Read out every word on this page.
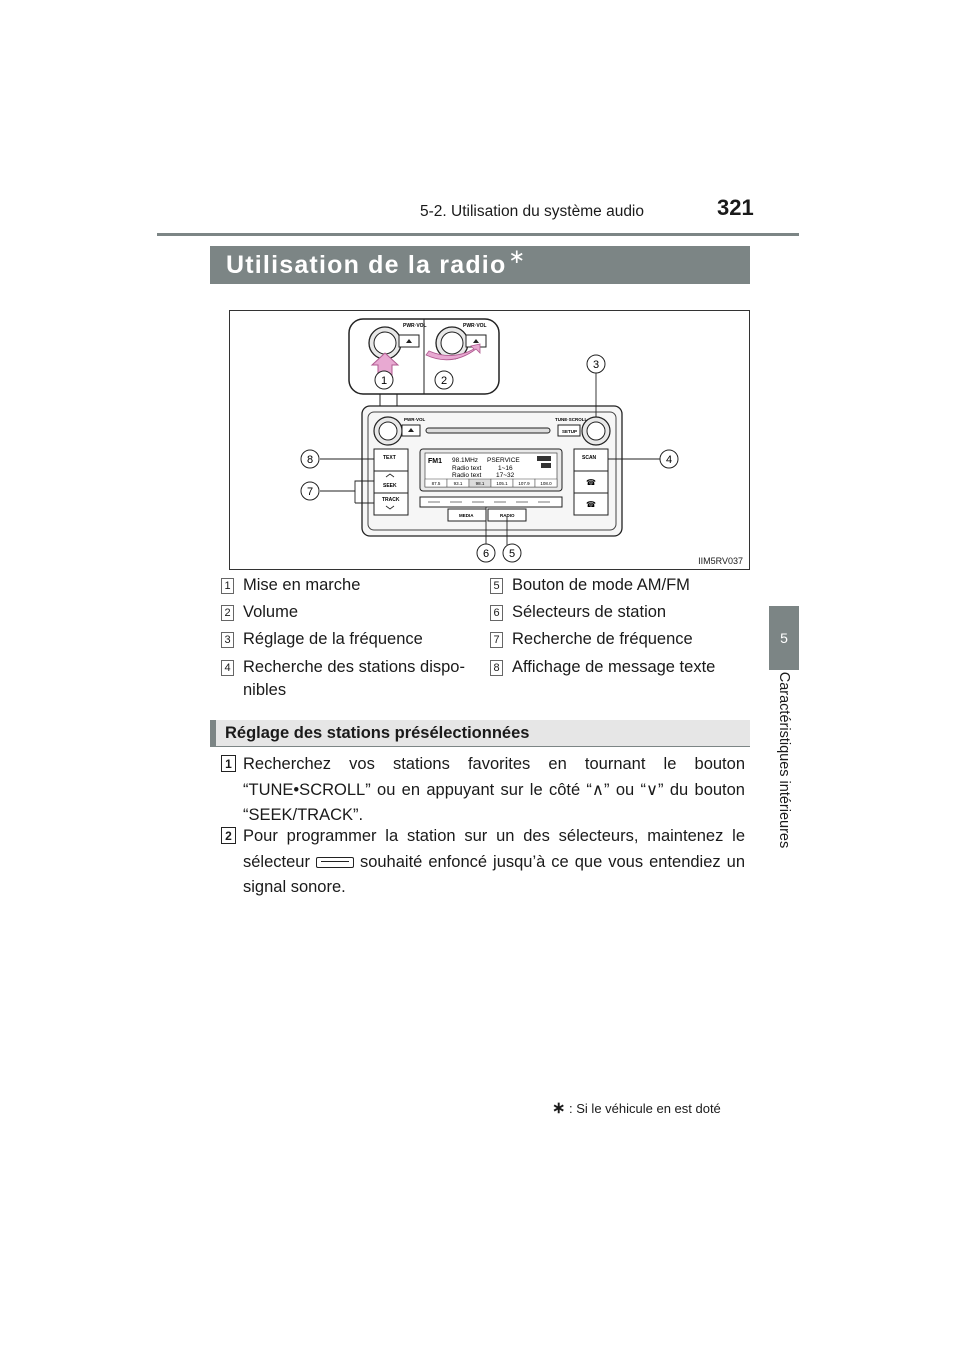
5-2. Utilisation du système audio	321
5
Caractéristiques intérieures
Utilisation de la radio ∗
PWR·VOL	PWR·VOL
1	2
PWR·VOL	TUNE·SCROLL
SETUP
TEXT
SEEK
TRACK
FM1 98.1MHz PSERVICE
Radio text	1~16
Radio text 17~32
87.5	93.1	98.1	105.1 107.9 108.0
SCAN
☎
☎
MEDIA	RADIO
3
4
5
6
7
8
IIM5RV037
1 Mise en marche
2 Volume
3 Réglage de la fréquence
4 Recherche des stations dispo-
nibles
5 Bouton de mode AM/FM
6 Sélecteurs de station
7 Recherche de fréquence
8 Affichage de message texte
Réglage des stations présélectionnées
1 Recherchez vos stations favorites en tournant le bouton “TUNE•SCROLL” ou en appuyant sur le côté “∧” ou “∨” du bouton “SEEK/TRACK”.
2 Pour programmer la station sur un des sélecteurs, maintenez le sélecteur	souhaité enfoncé jusqu’à ce que vous entendiez un signal sonore.
∗ : Si le véhicule en est doté
